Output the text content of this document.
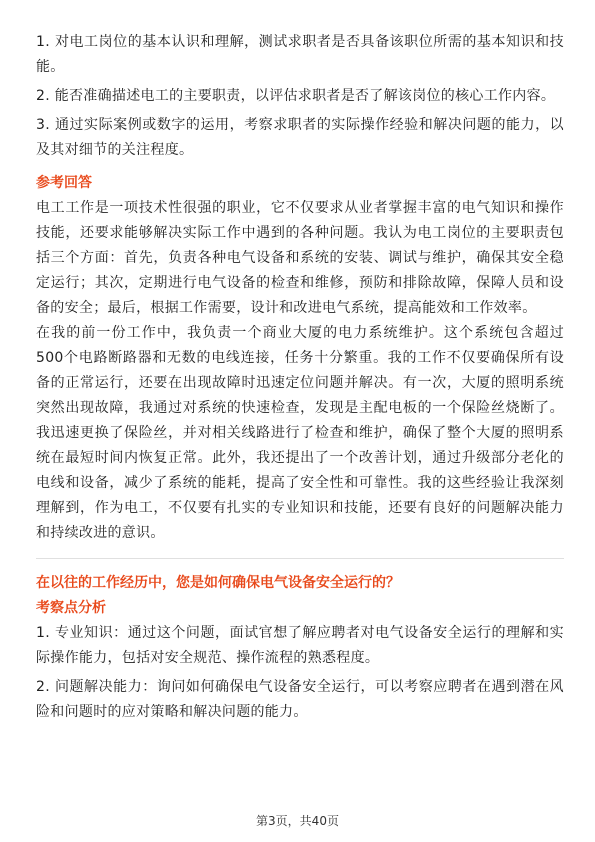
1. 对电工岗位的基本认识和理解，测试求职者是否具备该职位所需的基本知识和技能。

2. 能否准确描述电工的主要职责，以评估求职者是否了解该岗位的核心工作内容。

3. 通过实际案例或数字的运用，考察求职者的实际操作经验和解决问题的能力，以及其对细节的关注程度。

参考回答

电工工作是一项技术性很强的职业，它不仅要求从业者掌握丰富的电气知识和操作技能，还要求能够解决实际工作中遇到的各种问题。我认为电工岗位的主要职责包括三个方面：首先，负责各种电气设备和系统的安装、调试与维护，确保其安全稳定运行；其次，定期进行电气设备的检查和维修，预防和排除故障，保障人员和设备的安全；最后，根据工作需要，设计和改进电气系统，提高能效和工作效率。

在我的前一份工作中，我负责一个商业大厦的电力系统维护。这个系统包含超过500个电路断路器和无数的电线连接，任务十分繁重。我的工作不仅要确保所有设备的正常运行，还要在出现故障时迅速定位问题并解决。有一次，大厦的照明系统突然出现故障，我通过对系统的快速检查，发现是主配电板的一个保险丝烧断了。我迅速更换了保险丝，并对相关线路进行了检查和维护，确保了整个大厦的照明系统在最短时间内恢复正常。此外，我还提出了一个改善计划，通过升级部分老化的电线和设备，减少了系统的能耗，提高了安全性和可靠性。我的这些经验让我深刻理解到，作为电工，不仅要有扎实的专业知识和技能，还要有良好的问题解决能力和持续改进的意识。

在以往的工作经历中，您是如何确保电气设备安全运行的？
考察点分析

1. 专业知识：通过这个问题，面试官想了解应聘者对电气设备安全运行的理解和实际操作能力，包括对安全规范、操作流程的熟悉程度。

2. 问题解决能力：询问如何确保电气设备安全运行，可以考察应聘者在遇到潜在风险和问题时的应对策略和解决问题的能力。

第3页，共40页
